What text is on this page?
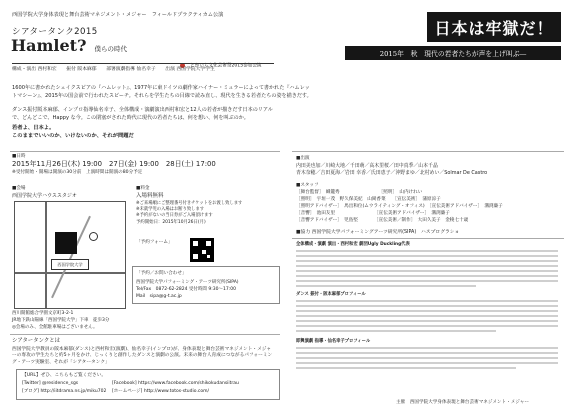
西国学院大学身体表現と舞台芸術マネジメント・メジャー　フィールドプラクティカム公演
シアタータンク2015
Hamlet? 僕らの時代
とかいち文化芸術祭2015参加公演
構成・演出 西村和宏　　振付 阪本麻郁　　部署演劇指導 仙名幸子　　出演 西国学院大学学生
日本は牢獄だ！
2015年　秋　現代の若者たちが声を上げ叫ぶ―
1600年に書かれたシェイクスピアの『ハムレット』、1977年に東ドイツの劇作家ハイナー・ミュラーによって書かれた『ハムレットマシーン』、2015年の国会前で行われたスピーチ。それらを学生たちの目線で読み直し、現代を生きる若者たちの姿を描きだす。
ダンス振付阪本麻郁、インプロ指導仙名幸子、全体構成・演劇演出西村和宏と12人の若者が描きだす日本のリアルで、どんどこで、Happy な今。この閉塞がされた時代に現代の若者たちは、何を想い、何を叫ぶのか。
若者よ、日本よ。
このままでいいのか、いけないのか、それが問題だ
■日時
2015年11月26日(木) 19:00　27日(金) 19:00　28日(土) 17:00
※受付開始・開場は開演の30分前　上演時間は開演の80分予定
■会場
西国学院大学ハウススタジオ
西国学院大学
西川開館総合学園文京町3-2-1
JR地下鉄山陽線「西国学院大学」下車　徒歩3分
◎会場のみ、全館駐車場はございません。
■料金
入場料無料
※ご来場順にご整理番号付きチケットをお渡し致します
※未就学児の入場はお断り致します
※予約がないの当日券がご入場頂けます
予約開始日：2015年10月26日(月)
「予約フォーム」
「予約／お問い合わせ」
西国学院大学パフォーミング・アーツ研究所(SIPA)
Tel/Fax　0872-62-2824 受付時間 9:30～17:00
Mail　sipa@g-t.ac.jp
■出演
内田美也加／川崎大地／千田萌／高木里桜／田中真季／山本千晶
青木奈穂／吉田夏海／岩田 幸香／氏田恵子／沖野まゆ／北村めい／Solmar De Castro
■スタッフ
［舞台監督］　織籠秀　　　　　　　　　［照明］　山内けれい
［照明］　宇垣一茂　野久保美紀　山岡香菜　　［宣伝美術］　蒲原涼子
［照明アドバイザー］　馬出和位(ムウライティング・オフィス)　［宣伝美術アドバイザー］　溝渕廉子
［音響］　池田友里　　　　　　　　　［宣伝美術アドバイザー］　溝渕廉子
［音響アドバイザー］　児島堅　　　　［宣伝美術／制作］　大田久美子　金稜七十歳
■協力 西国学院大学パフォーミングアーツ研究所(SIPA)　ハスプログラショ
全体構成・演劇 演出・西村和宏 劇団Ugly Duckling代表
ダンス 振付・阪本麻郁プロフィール
即興演劇 指導・仙名幸子プロフィール
シアタータンクとは
西国学院大学教員の阪本麻郁(ダンス)と西村和宏(演劇)、仙名幸子(インプロ)が、身体表現と舞台芸術マネジメント・メジャーの専攻の学生たちと約5ヶ月をかけ、じっくりと創作したダンスと演劇の公演。未来の舞台人育成につながるパフォーミング・アーツ実験室、それが「シアタータンク」
【URL】ぜひ、こちらもご覧ください。
[Twitter] @residence_sgs	[Facebook] https://www.facebook.com/shikokudansiitrau
[ブログ] http://iitdrama.ns.jp/miku702 [ホームページ] http://www.totos-studio.com/
主催　西国学院大学身体表現と舞台芸術マネジメント・メジャー
